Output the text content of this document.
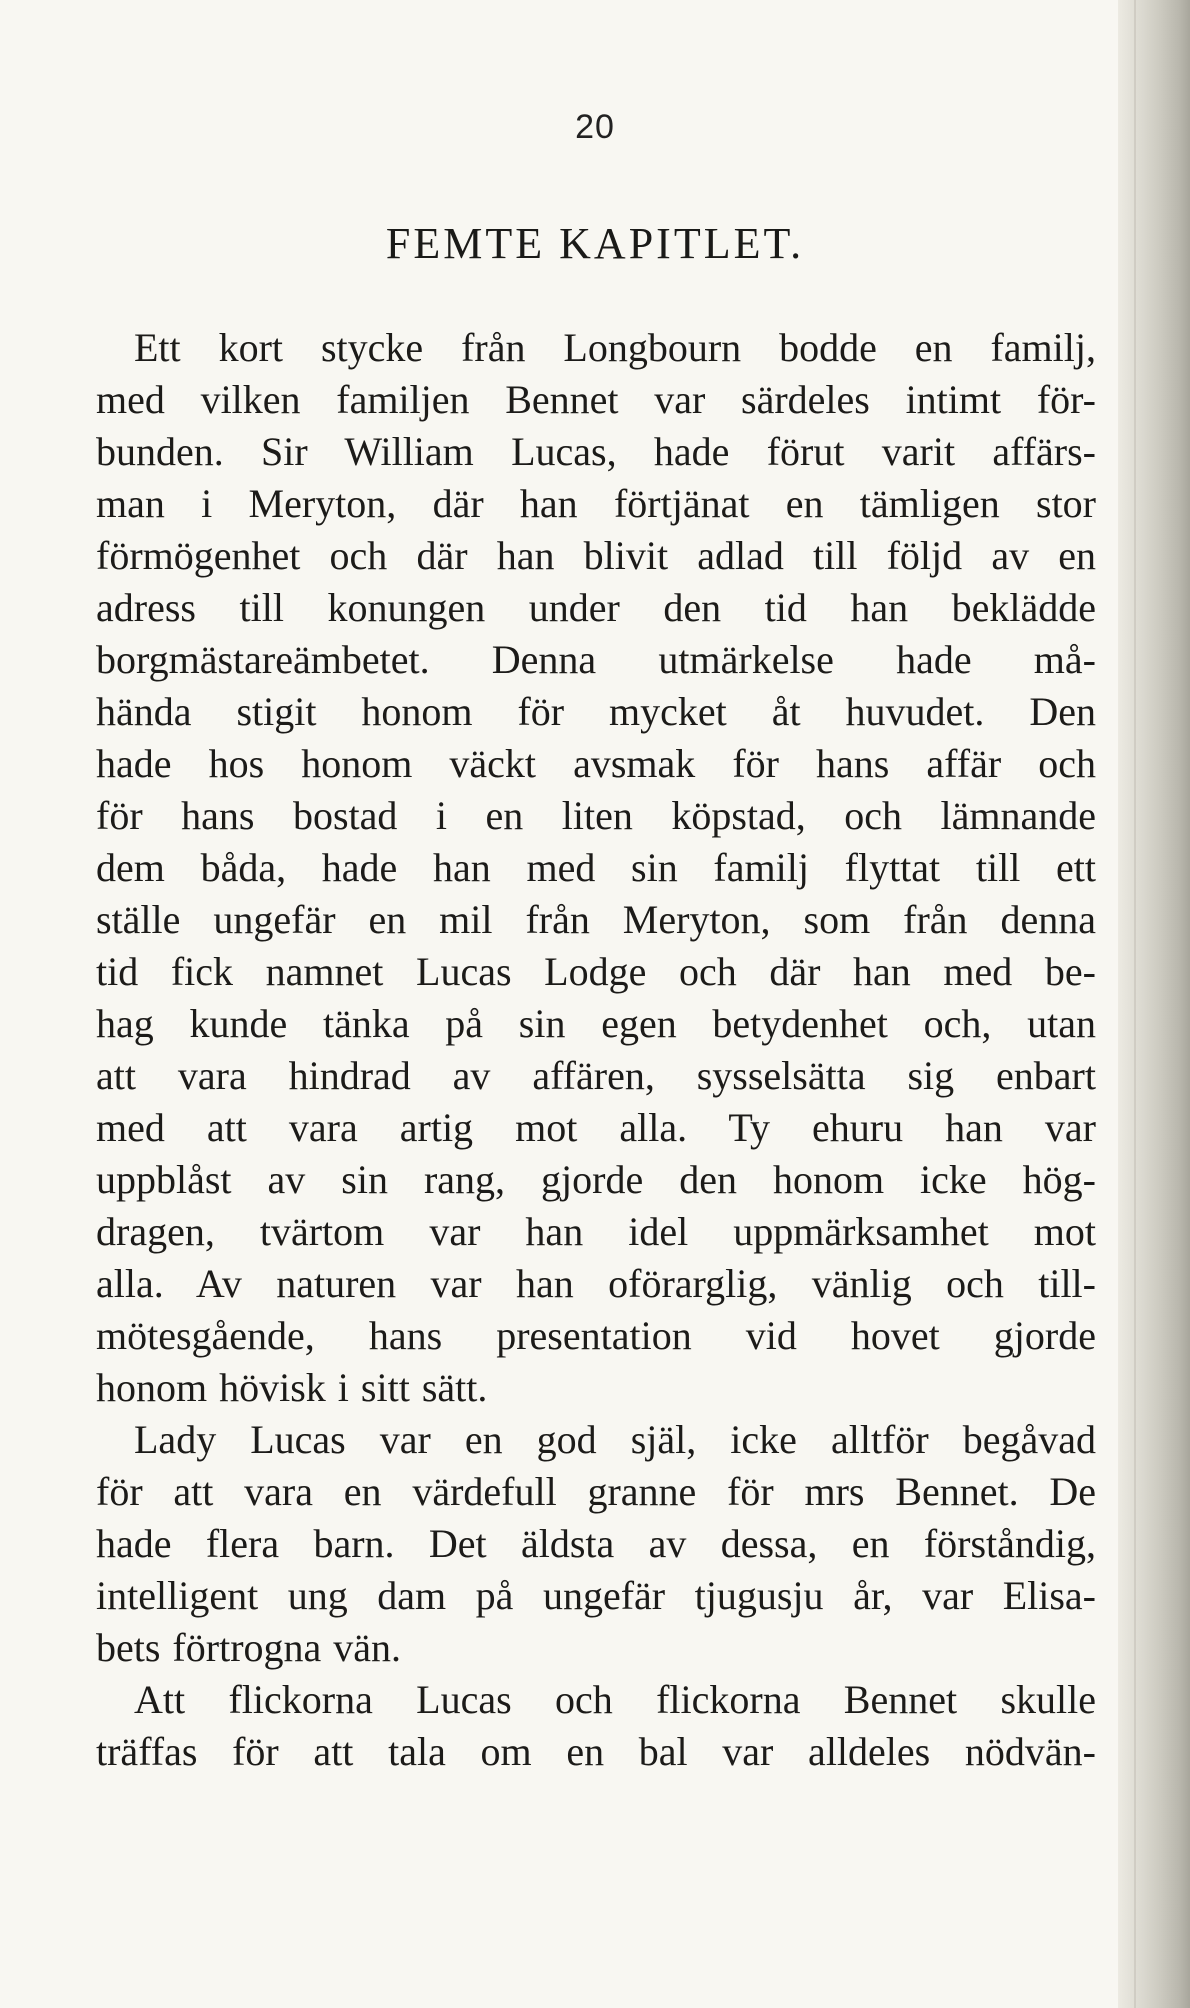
20
FEMTE KAPITLET.
Ett kort stycke från Longbourn bodde en familj,
med vilken familjen Bennet var särdeles intimt för-
bunden. Sir William Lucas, hade förut varit affärs-
man i Meryton, där han förtjänat en tämligen stor
förmögenhet och där han blivit adlad till följd av en
adress till konungen under den tid han beklädde
borgmästareämbetet. Denna utmärkelse hade må-
hända stigit honom för mycket åt huvudet. Den
hade hos honom väckt avsmak för hans affär och
för hans bostad i en liten köpstad, och lämnande
dem båda, hade han med sin familj flyttat till ett
ställe ungefär en mil från Meryton, som från denna
tid fick namnet Lucas Lodge och där han med be-
hag kunde tänka på sin egen betydenhet och, utan
att vara hindrad av affären, sysselsätta sig enbart
med att vara artig mot alla. Ty ehuru han var
uppblåst av sin rang, gjorde den honom icke hög-
dragen, tvärtom var han idel uppmärksamhet mot
alla. Av naturen var han oförarglig, vänlig och till-
mötesgående, hans presentation vid hovet gjorde
honom hövisk i sitt sätt.
Lady Lucas var en god själ, icke alltför begåvad
för att vara en värdefull granne för mrs Bennet. De
hade flera barn. Det äldsta av dessa, en förståndig,
intelligent ung dam på ungefär tjugusju år, var Elisa-
bets förtrogna vän.
Att flickorna Lucas och flickorna Bennet skulle
träffas för att tala om en bal var alldeles nödvän-
